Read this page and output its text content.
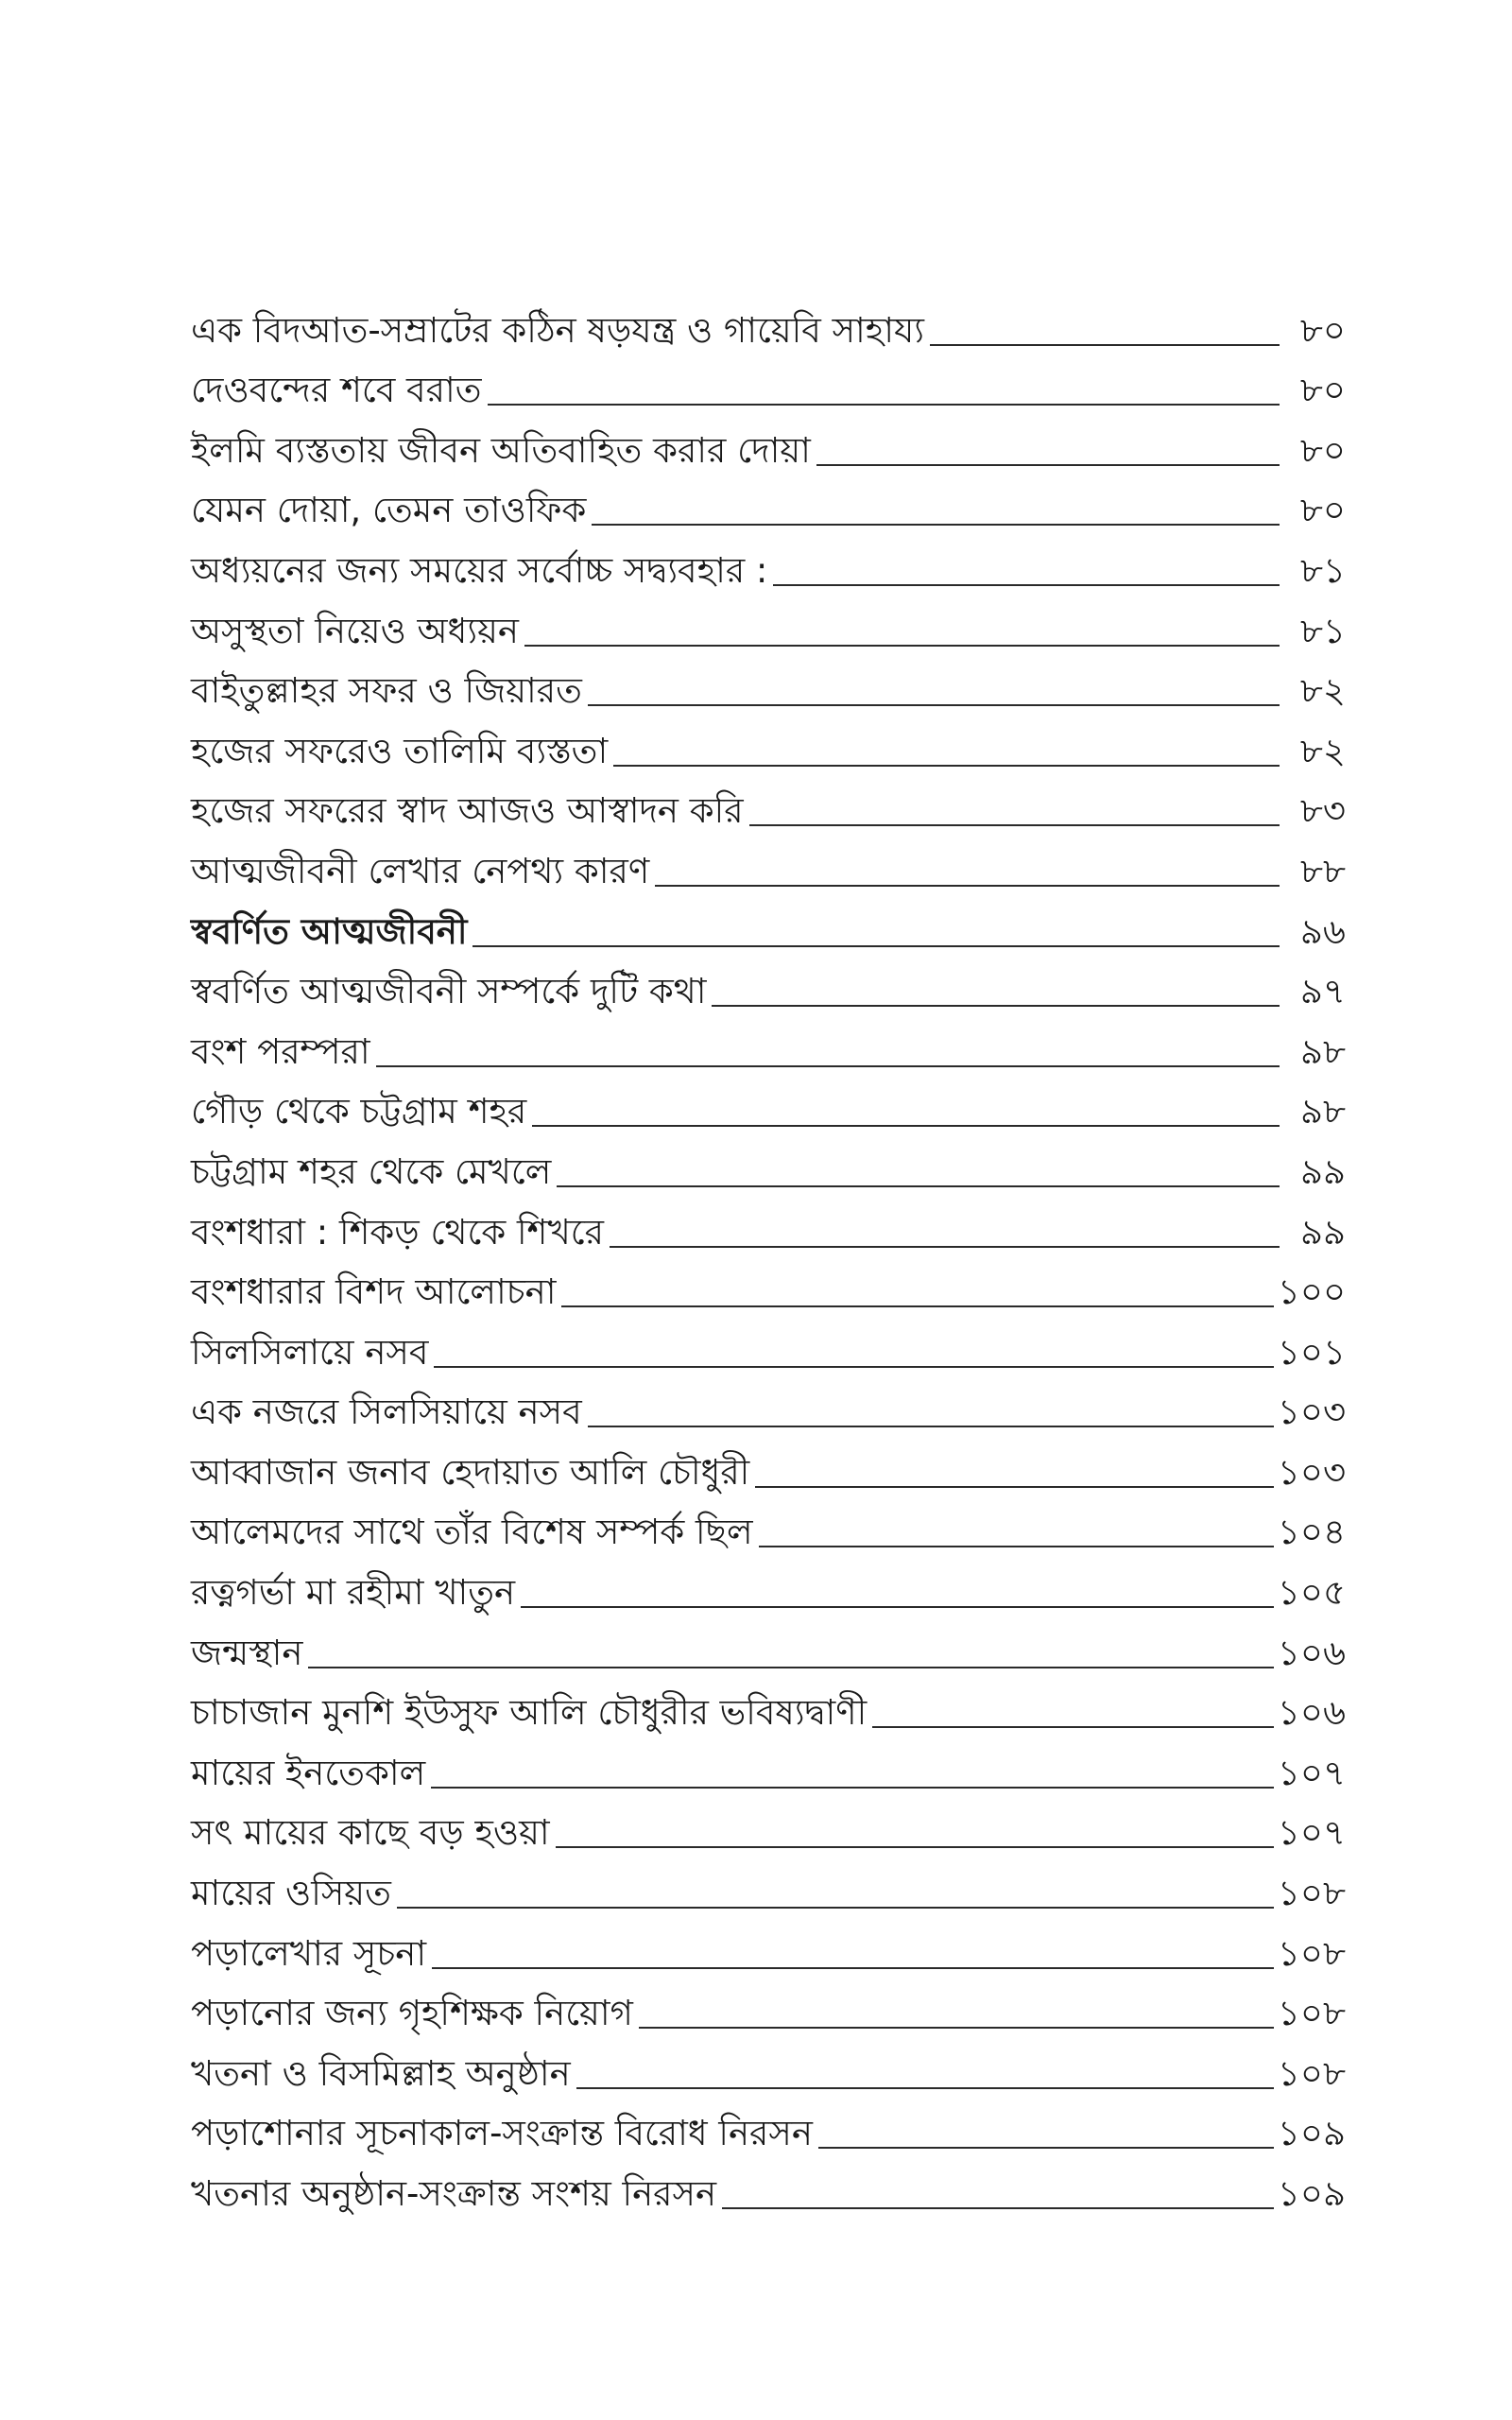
এক বিদআত-সম্রাটের কঠিন ষড়যন্ত্র ও গায়েবি সাহায্য	৮০
দেওবন্দের শবে বরাত	৮০
ইলমি ব্যস্ততায় জীবন অতিবাহিত করার দোয়া	৮০
যেমন দোয়া, তেমন তাওফিক	৮০
অধ্যয়নের জন্য সময়ের সর্বোচ্চ সদ্ব্যবহার :	৮১
অসুস্থতা নিয়েও অধ্যয়ন	৮১
বাইতুল্লাহর সফর ও জিয়ারত	৮২
হজের সফরেও তালিমি ব্যস্ততা	৮২
হজের সফরের স্বাদ আজও আস্বাদন করি	৮৩
আত্মজীবনী লেখার নেপথ্য কারণ	৮৮
স্ববর্ণিত আত্মজীবনী	৯৬
স্ববর্ণিত আত্মজীবনী সম্পর্কে দুটি কথা	৯৭
বংশ পরম্পরা	৯৮
গৌড় থেকে চট্টগ্রাম শহর	৯৮
চট্টগ্রাম শহর থেকে মেখলে	৯৯
বংশধারা : শিকড় থেকে শিখরে	৯৯
বংশধারার বিশদ আলোচনা	১০০
সিলসিলায়ে নসব	১০১
এক নজরে সিলসিয়ায়ে নসব	১০৩
আব্বাজান জনাব হেদায়াত আলি চৌধুরী	১০৩
আলেমদের সাথে তাঁর বিশেষ সম্পর্ক ছিল	১০৪
রত্নগর্ভা মা রহীমা খাতুন	১০৫
জন্মস্থান	১০৬
চাচাজান মুনশি ইউসুফ আলি চৌধুরীর ভবিষ্যদ্বাণী	১০৬
মায়ের ইনতেকাল	১০৭
সৎ মায়ের কাছে বড় হওয়া	১০৭
মায়ের ওসিয়ত	১০৮
পড়ালেখার সূচনা	১০৮
পড়ানোর জন্য গৃহশিক্ষক নিয়োগ	১০৮
খতনা ও বিসমিল্লাহ অনুষ্ঠান	১০৮
পড়াশোনার সূচনাকাল-সংক্রান্ত বিরোধ নিরসন	১০৯
খতনার অনুষ্ঠান-সংক্রান্ত সংশয় নিরসন	১০৯
